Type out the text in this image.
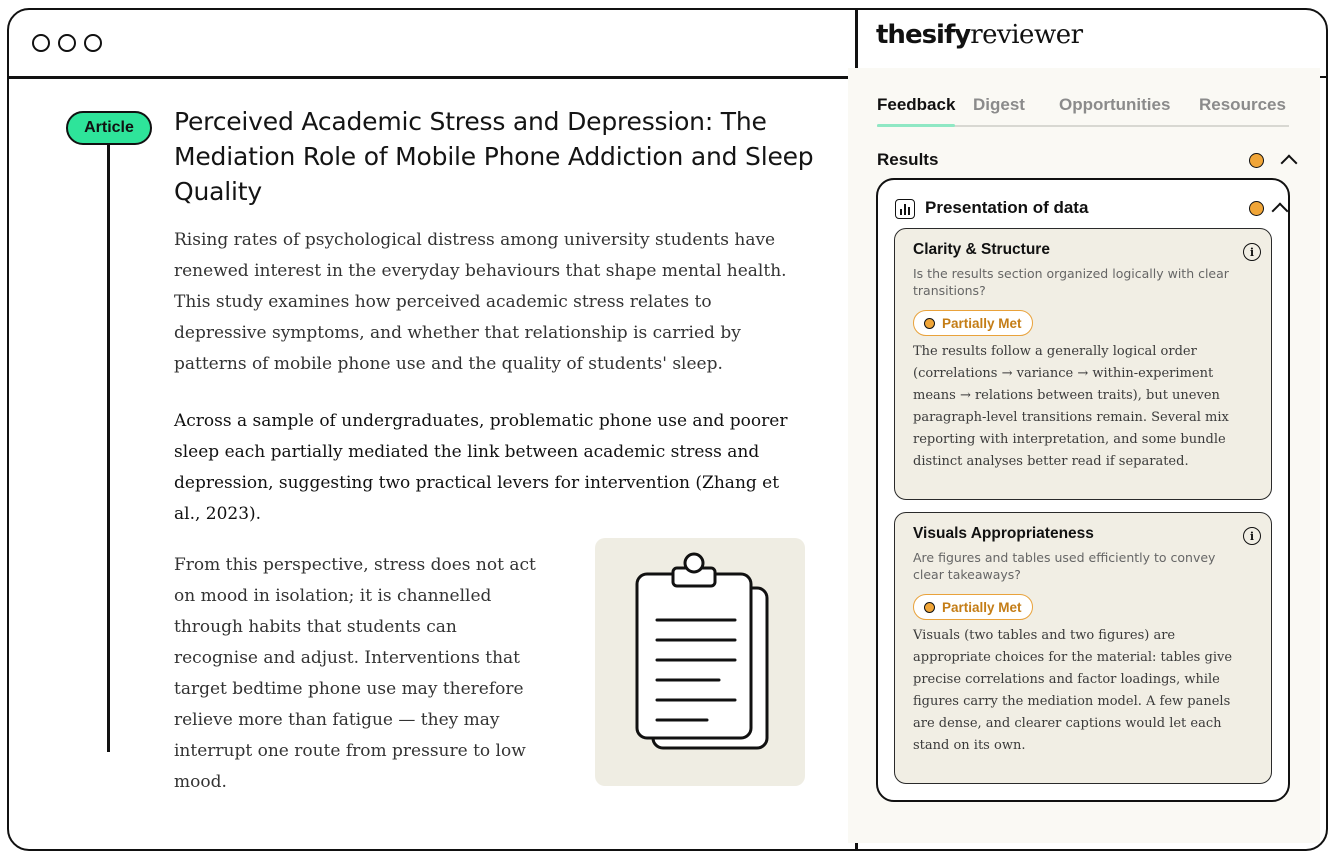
Article	Perceived Academic Stress and Depression: The Mediation Role of Mobile Phone Addiction and Sleep Quality

Rising rates of psychological distress among university students have renewed interest in the everyday behaviours that shape mental health. This study examines how perceived academic stress relates to depressive symptoms, and whether that relationship is carried by patterns of mobile phone use and the quality of students' sleep.

Across a sample of undergraduates, problematic phone use and poorer sleep each partially mediated the link between academic stress and depression, suggesting two practical levers for intervention (Zhang et al., 2023).

From this perspective, stress does not act on mood in isolation; it is channelled through habits that students can recognise and adjust. Interventions that target bedtime phone use may therefore relieve more than fatigue — they may interrupt one route from pressure to low mood.

thesifyreviewer
Feedback Digest Opportunities Resources
Results
Presentation of data
Clarity & Structure	i
Is the results section organized logically with clear transitions?
Partially Met
The results follow a generally logical order (correlations → variance → within-experiment means → relations between traits), but uneven paragraph-level transitions remain. Several mix reporting with interpretation, and some bundle distinct analyses better read if separated.
Visuals Appropriateness	i
Are figures and tables used efficiently to convey clear takeaways?
Partially Met
Visuals (two tables and two figures) are appropriate choices for the material: tables give precise correlations and factor loadings, while figures carry the mediation model. A few panels are dense, and clearer captions would let each stand on its own.
